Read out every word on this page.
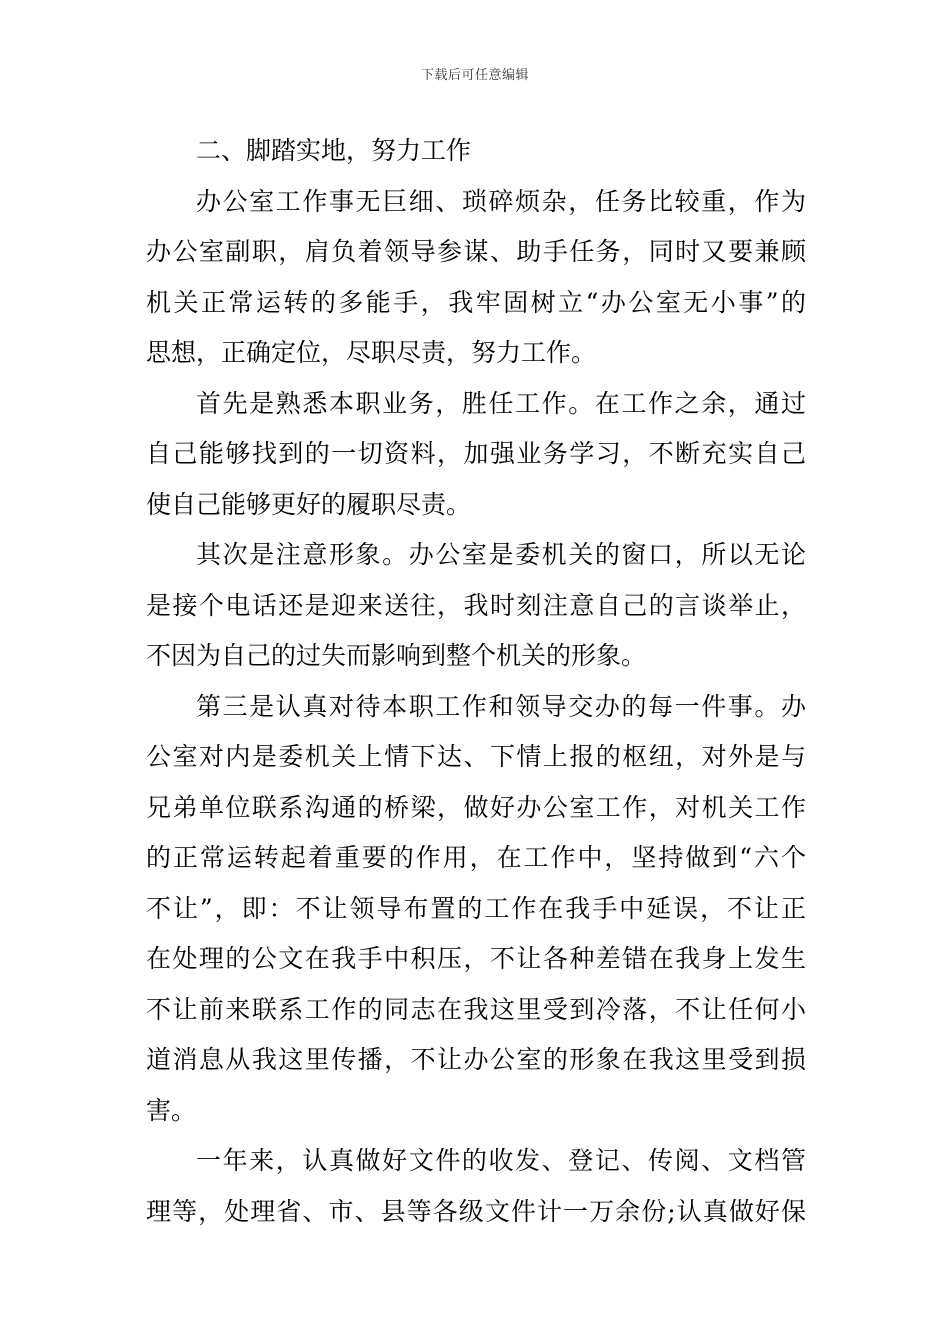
下载后可任意编辑
二、脚踏实地，努力工作
办公室工作事无巨细、琐碎烦杂，任务比较重，作为
办公室副职，肩负着领导参谋、助手任务，同时又要兼顾
机关正常运转的多能手，我牢固树立“办公室无小事”的
思想，正确定位，尽职尽责，努力工作。
首先是熟悉本职业务，胜任工作。在工作之余，通过
自己能够找到的一切资料，加强业务学习，不断充实自己
使自己能够更好的履职尽责。
其次是注意形象。办公室是委机关的窗口，所以无论
是接个电话还是迎来送往，我时刻注意自己的言谈举止，
不因为自己的过失而影响到整个机关的形象。
第三是认真对待本职工作和领导交办的每一件事。办
公室对内是委机关上情下达、下情上报的枢纽，对外是与
兄弟单位联系沟通的桥梁，做好办公室工作，对机关工作
的正常运转起着重要的作用，在工作中，坚持做到“六个
不让”，即：不让领导布置的工作在我手中延误，不让正
在处理的公文在我手中积压，不让各种差错在我身上发生
不让前来联系工作的同志在我这里受到冷落，不让任何小
道消息从我这里传播，不让办公室的形象在我这里受到损
害。
一年来，认真做好文件的收发、登记、传阅、文档管
理等，处理省、市、县等各级文件计一万余份;认真做好保
